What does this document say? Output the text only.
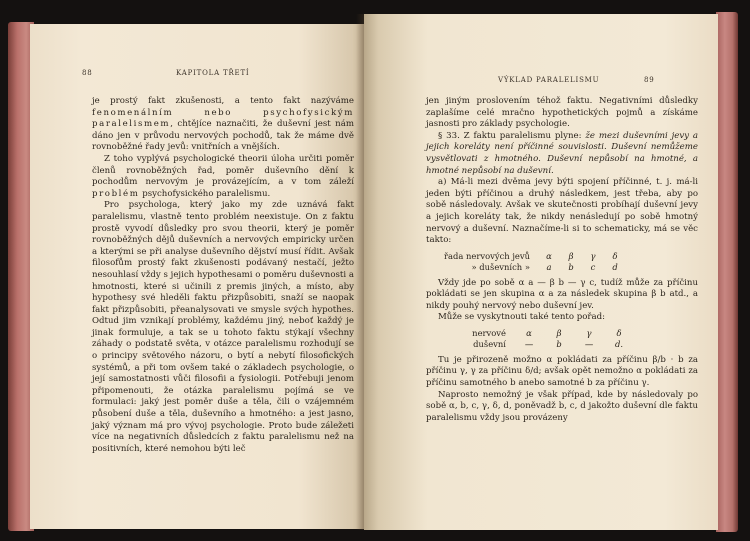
88	KAPITOLA TŘETÍ

je prostý fakt zkušenosti, a tento fakt nazýváme fenomenálním nebo psychofysickým paralelismem, chtějíce naznačiti, že duševní jest nám dáno jen v průvodu nervových pochodů, tak že máme dvě rovnoběžné řady jevů: vnitřních a vnějších.

Z toho vyplývá psychologické theorii úloha určiti poměr členů rovnoběžných řad, poměr duševního dění k pochodům nervovým je provázejícím, a v tom záleží problém psychofysického paralelismu.

Pro psychologa, který jako my zde uznává fakt paralelismu, vlastně tento problém neexistuje. On z faktu prostě vyvodí důsledky pro svou theorii, který je poměr rovnoběžných dějů duševních a nervových empiricky určen a kterými se při analyse duševního dějství musí řídit. Avšak filosofům prostý fakt zkušenosti podávaný nestačí, ježto nesouhlasí vždy s jejich hypothesami o poměru duševnosti a hmotnosti, které si učinili z premis jiných, a místo, aby hypothesy své hleděli faktu přizpůsobiti, snaží se naopak fakt přizpůsobiti, přeanalysovati ve smysle svých hypothes. Odtud jim vznikají problémy, každému jiný, neboť každý je jinak formuluje, a tak se u tohoto faktu stýkají všechny záhady o podstatě světa, v otázce paralelismu rozhodují se o principy světového názoru, o bytí a nebytí filosofických systémů, a při tom ovšem také o základech psychologie, o její samostatnosti vůči filosofii a fysiologii. Potřebuji jenom připomenouti, že otázka paralelismu pojímá se ve formulaci: jaký jest poměr duše a těla, čili o vzájemném působení duše a těla, duševního a hmotného: a jest jasno, jaký význam má pro vývoj psychologie. Proto bude záležeti více na negativních důsledcích z faktu paralelismu než na positivních, které nemohou býti leč

VÝKLAD PARALELISMU	89

jen jiným proslovením téhož faktu. Negativními důsledky zaplašíme celé mračno hypothetických pojmů a získáme jasnosti pro základy psychologie.

§ 33. Z faktu paralelismu plyne: že mezi duševními jevy a jejich koreláty není příčinné souvislosti. Duševní nemůžeme vysvětlovati z hmotného. Duševní nepůsobí na hmotné, a hmotné nepůsobí na duševní.

a) Má-li mezi dvěma jevy býti spojení příčinné, t. j. má-li jeden býti příčinou a druhý následkem, jest třeba, aby po sobě následovaly. Avšak ve skutečnosti probíhají duševní jevy a jejich koreláty tak, že nikdy nenásledují po sobě hmotný nervový a duševní. Naznačíme-li si to schematicky, má se věc takto:

řada nervových jevů	α	β	γ	δ
» duševních »	a	b	c	d

Vždy jde po sobě α a — β b — γ c, tudíž může za příčinu pokládati se jen skupina α a za následek skupina β b atd., a nikdy pouhý nervový nebo duševní jev.

Může se vyskytnouti také tento pořad:

nervové	α	β	γ	δ
duševní	—	b	—	d.

Tu je přirozeně možno α pokládati za příčinu β/b · b za příčinu γ, γ za příčinu δ/d; avšak opět nemožno α pokládati za příčinu samotného b anebo samotné b za příčinu γ.

Naprosto nemožný je však případ, kde by následovaly po sobě α, b, c, γ, δ, d, poněvadž b, c, d jakožto duševní dle faktu paralelismu vždy jsou provázeny
